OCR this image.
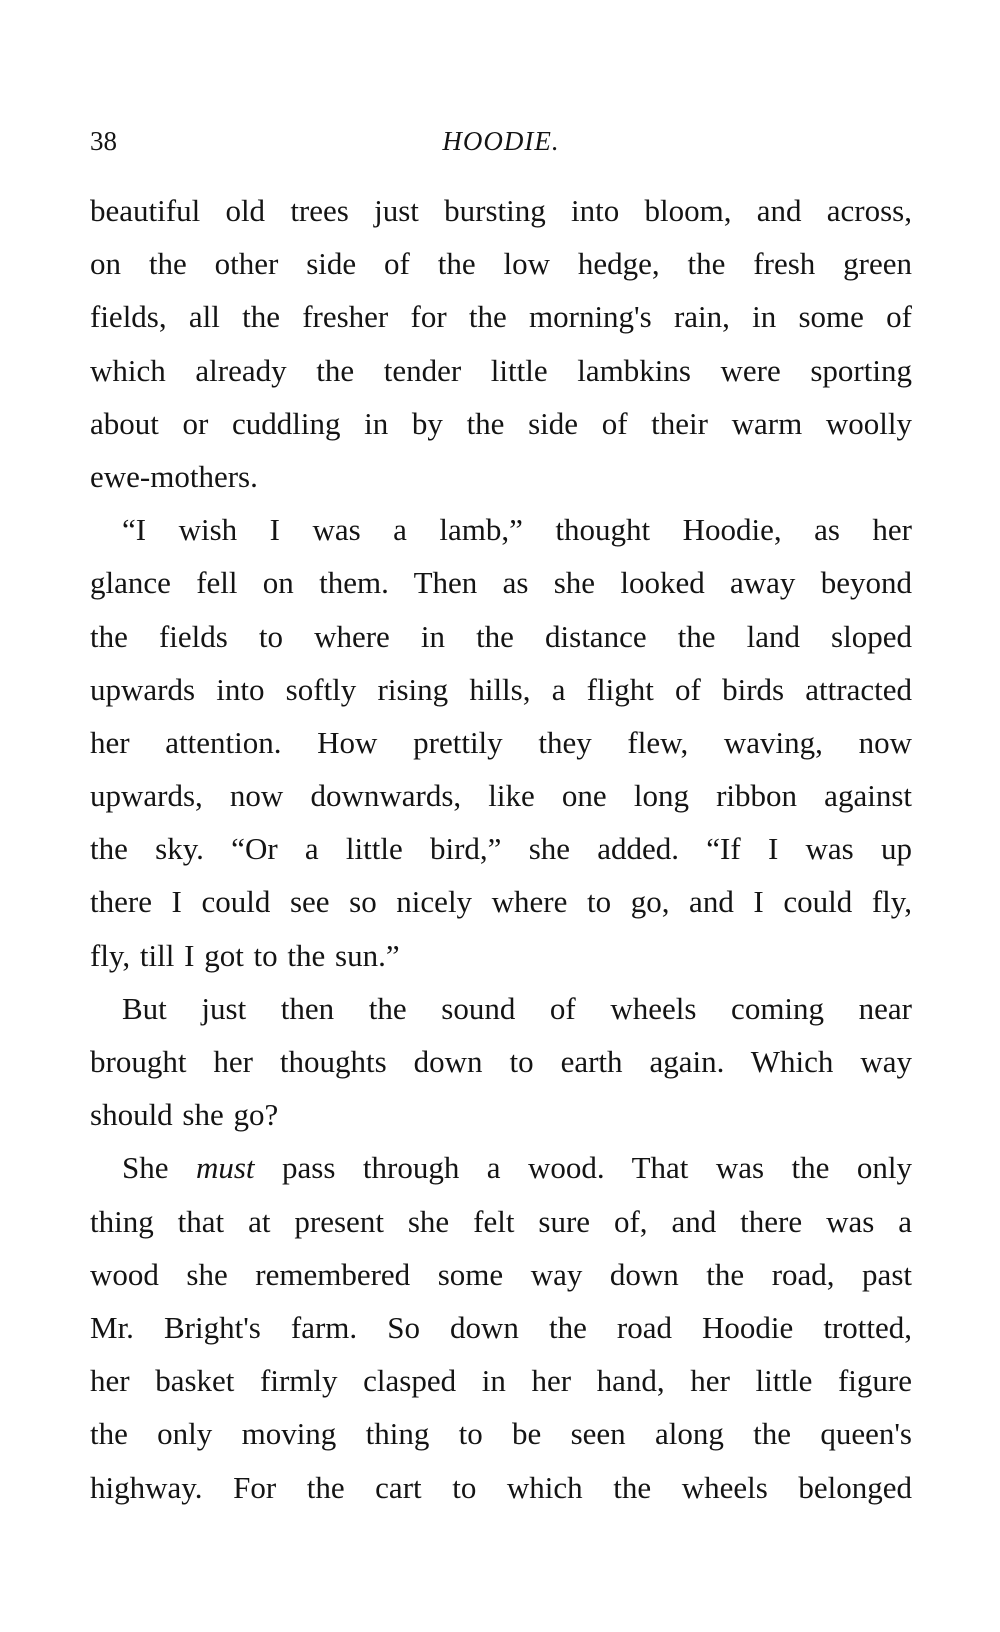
38	HOODIE.
beautiful old trees just bursting into bloom, and across,
on the other side of the low hedge, the fresh green
fields, all the fresher for the morning's rain, in some of
which already the tender little lambkins were sporting
about or cuddling in by the side of their warm woolly
ewe-mothers.
“I wish I was a lamb,” thought Hoodie, as her
glance fell on them. Then as she looked away beyond
the fields to where in the distance the land sloped
upwards into softly rising hills, a flight of birds attracted
her attention. How prettily they flew, waving, now
upwards, now downwards, like one long ribbon against
the sky. “Or a little bird,” she added. “If I was up
there I could see so nicely where to go, and I could fly,
fly, till I got to the sun.”
But just then the sound of wheels coming near
brought her thoughts down to earth again. Which way
should she go?
She must pass through a wood. That was the only
thing that at present she felt sure of, and there was a
wood she remembered some way down the road, past
Mr. Bright's farm. So down the road Hoodie trotted,
her basket firmly clasped in her hand, her little figure
the only moving thing to be seen along the queen's
highway. For the cart to which the wheels belonged
